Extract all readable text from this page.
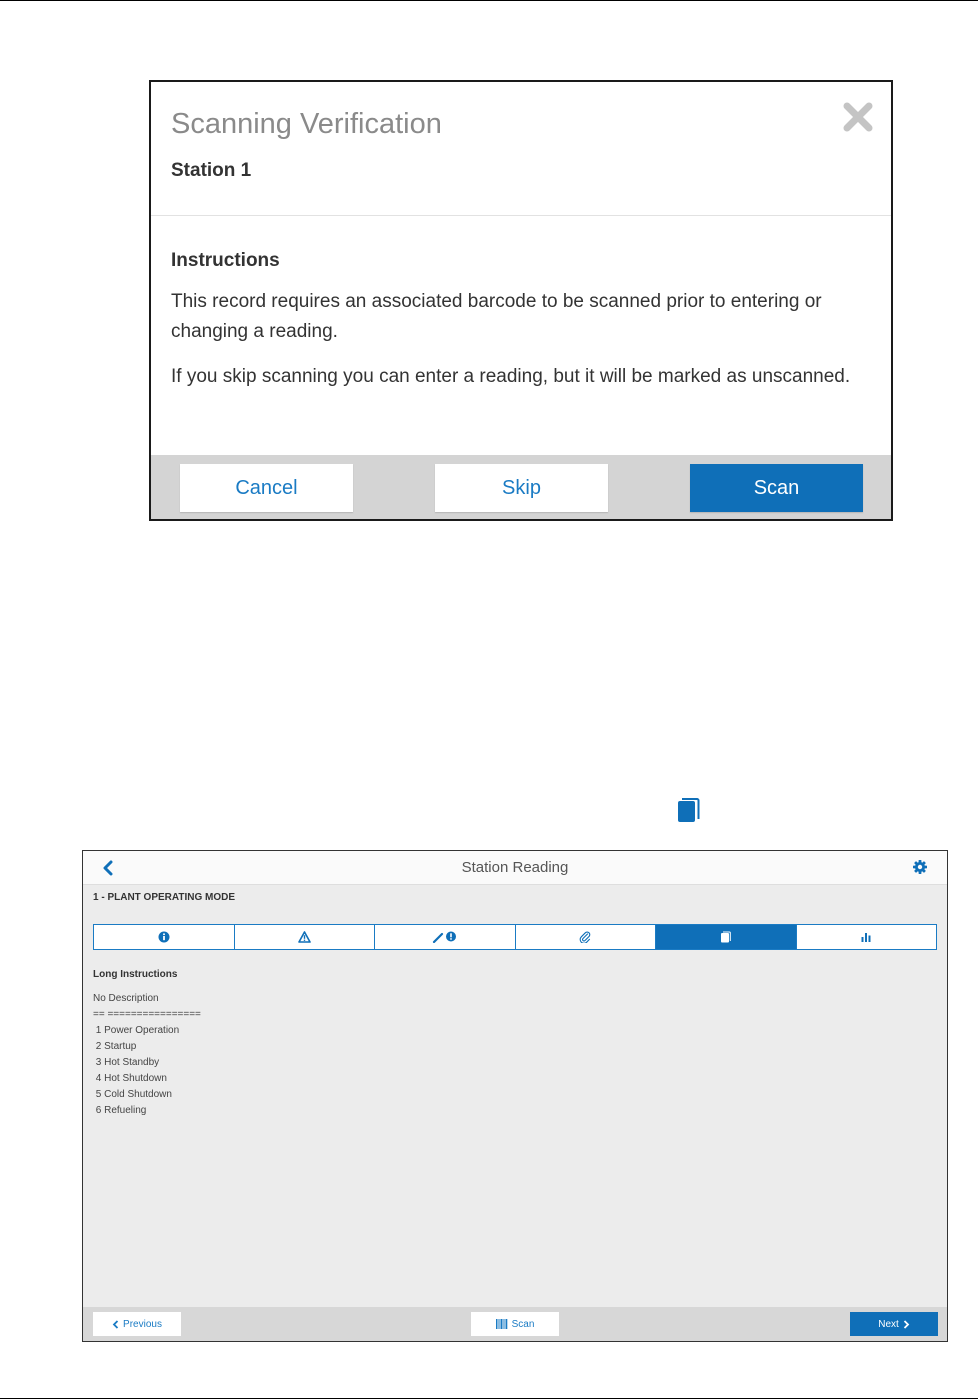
Scanning Verification
Station 1
Instructions
This record requires an associated barcode to be scanned prior to entering or changing a reading.
If you skip scanning you can enter a reading, but it will be marked as unscanned.
Cancel	Skip	Scan
Station Reading
1 - PLANT OPERATING MODE
Long Instructions
No Description
== ================
1 Power Operation
2 Startup
3 Hot Standby
4 Hot Shutdown
5 Cold Shutdown
6 Refueling
Previous	Scan	Next
